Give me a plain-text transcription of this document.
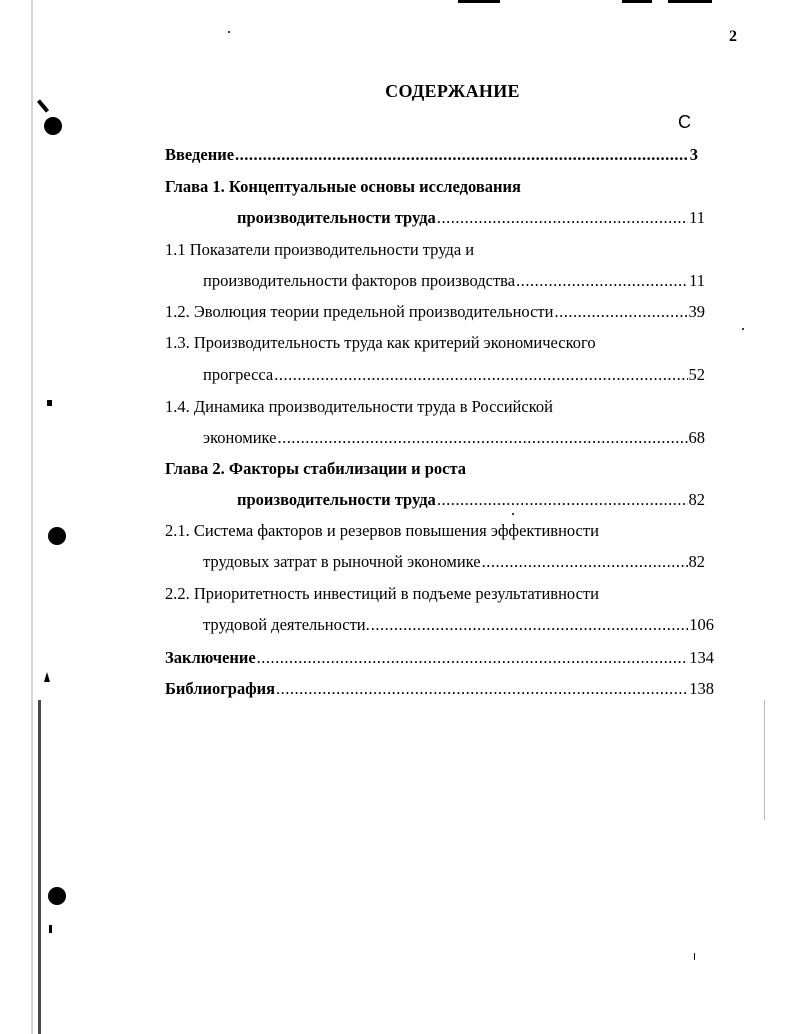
2
СОДЕРЖАНИЕ
С
Введение .....	3
Глава 1. Концептуальные основы исследования
производительности труда .....	11
1.1 Показатели производительности труда и
производительности факторов производства .....	11
1.2. Эволюция теории предельной производительности .....	39
1.3. Производительность труда как критерий экономического
прогресса .....	52
1.4. Динамика производительности труда в Российской
экономике .....	68
Глава 2. Факторы стабилизации и роста
производительности труда .....	82
2.1. Система факторов и резервов повышения эффективности
трудовых затрат в рыночной экономике .....	82
2.2. Приоритетность инвестиций в подъеме результативности
трудовой деятельности. .....	106
Заключение .....	134
Библиография .....	138
